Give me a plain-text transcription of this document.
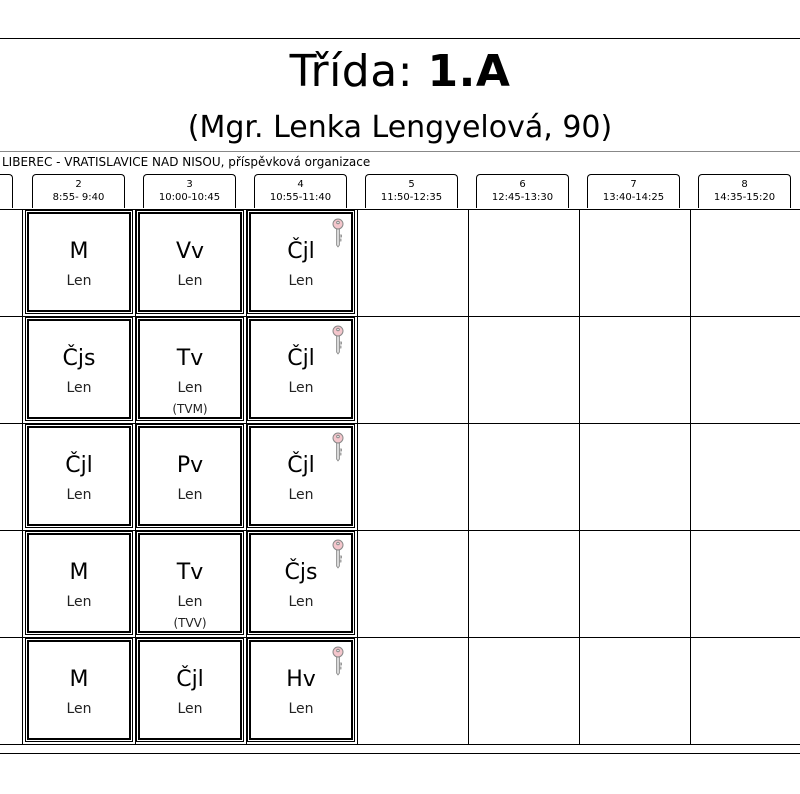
Třída: 1.A
(Mgr. Lenka Lengyelová, 90)
LIBEREC - VRATISLAVICE NAD NISOU, příspěvková organizace
2
8:55- 9:40
3
10:00-10:45
4
10:55-11:40
5
11:50-12:35
6
12:45-13:30
7
13:40-14:25
8
14:35-15:20
M
Len
Vv
Len
Čjl
Len
Čjs
Len
Tv
Len
(TVM)
Čjl
Len
Čjl
Len
Pv
Len
Čjl
Len
M
Len
Tv
Len
(TVV)
Čjs
Len
M
Len
Čjl
Len
Hv
Len
